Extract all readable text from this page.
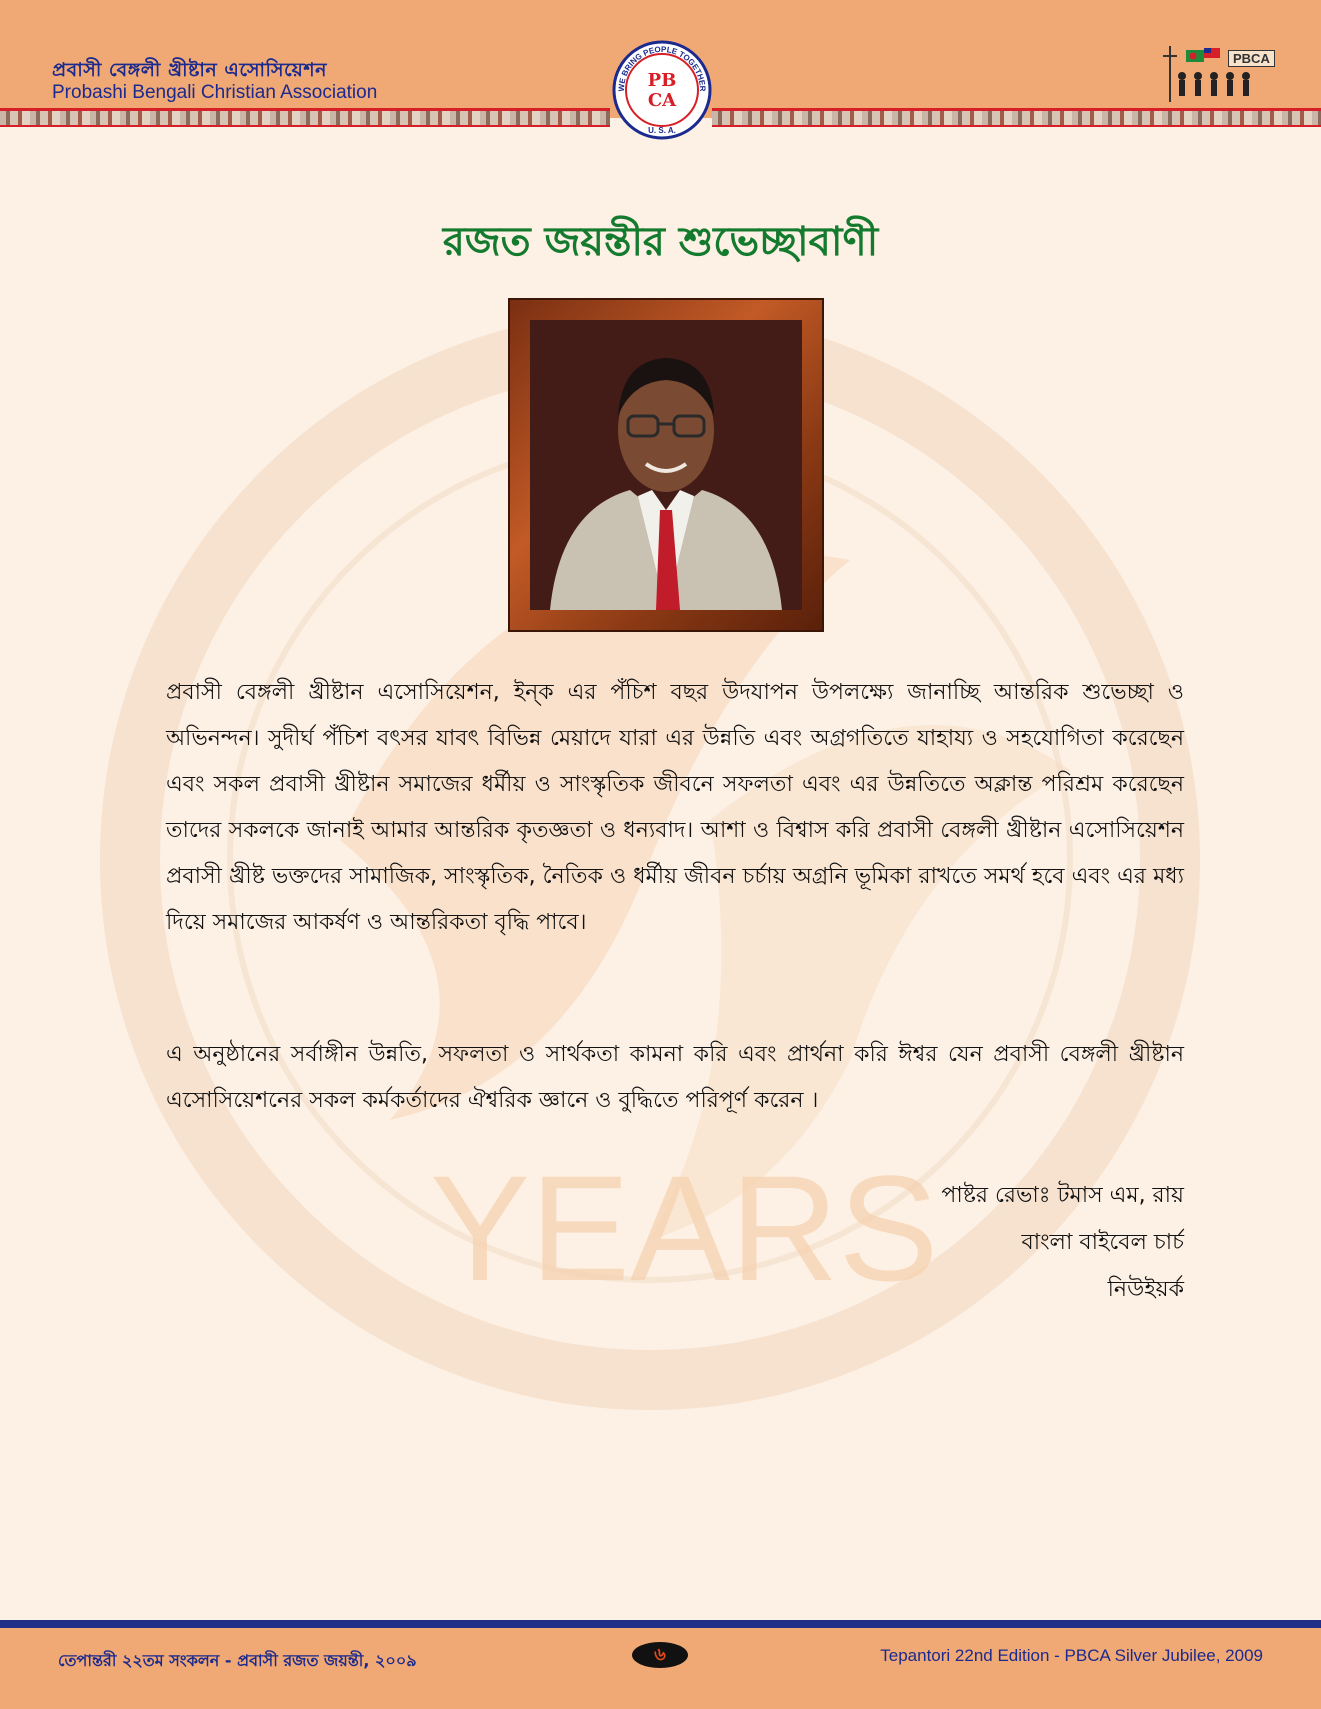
YEARS

প্রবাসী বেঙ্গলী খ্রীষ্টান এসোসিয়েশন

Probashi Bengali Christian Association

PB
CA
WE BRING PEOPLE TOGETHER
U. S. A.
PBCA
রজত জয়ন্তীর শুভেচ্ছাবাণী

প্রবাসী বেঙ্গলী খ্রীষ্টান এসোসিয়েশন, ইন্‌ক এর পঁচিশ বছর উদযাপন উপলক্ষ্যে জানাচ্ছি আন্তরিক শুভেচ্ছা ও অভিনন্দন। সুদীর্ঘ পঁচিশ বৎসর যাবৎ বিভিন্ন মেয়াদে যারা এর উন্নতি এবং অগ্রগতিতে যাহায্য ও সহযোগিতা করেছেন এবং সকল প্রবাসী খ্রীষ্টান সমাজের ধর্মীয় ও সাংস্কৃতিক জীবনে সফলতা এবং এর উন্নতিতে অক্লান্ত পরিশ্রম করেছেন তাদের সকলকে জানাই আমার আন্তরিক কৃতজ্ঞতা ও ধন্যবাদ। আশা ও বিশ্বাস করি প্রবাসী বেঙ্গলী খ্রীষ্টান এসোসিয়েশন প্রবাসী খ্রীষ্ট ভক্তদের সামাজিক, সাংস্কৃতিক, নৈতিক ও ধর্মীয় জীবন চর্চায় অগ্রনি ভূমিকা রাখতে সমর্থ হবে এবং এর মধ্য দিয়ে সমাজের আকর্ষণ ও আন্তরিকতা বৃদ্ধি পাবে।

এ অনুষ্ঠানের সর্বাঙ্গীন উন্নতি, সফলতা ও সার্থকতা কামনা করি এবং প্রার্থনা করি ঈশ্বর যেন প্রবাসী বেঙ্গলী খ্রীষ্টান এসোসিয়েশনের সকল কর্মকর্তাদের ঐশ্বরিক জ্ঞানে ও বুদ্ধিতে পরিপূর্ণ করেন ।

পাষ্টর রেভাঃ টমাস এম, রায়
বাংলা বাইবেল চার্চ
নিউইয়র্ক
তেপান্তরী ২২তম সংকলন - প্রবাসী রজত জয়ন্তী, ২০০৯	৬	Tepantori 22nd Edition - PBCA Silver Jubilee, 2009
